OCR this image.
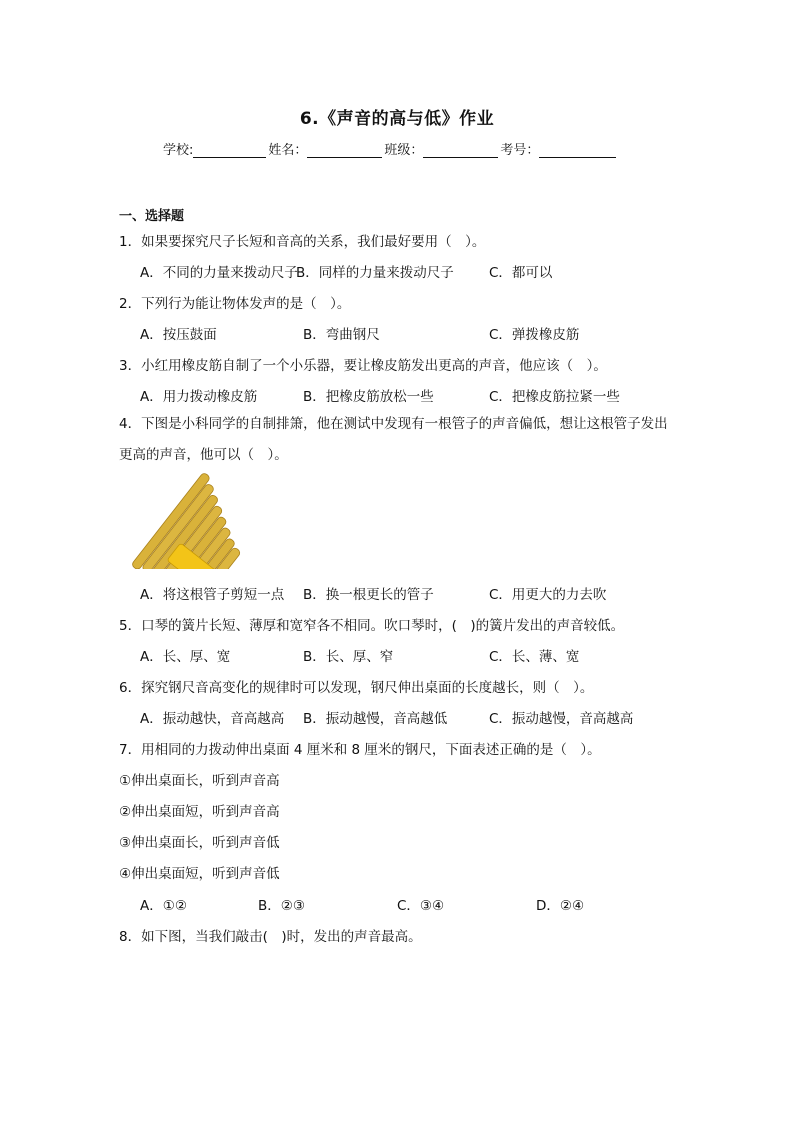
6.《声音的高与低》作业
学校:	姓名：	班级：	考号：
一、选择题
1．如果要探究尺子长短和音高的关系，我们最好要用（　）。
A．不同的力量来拨动尺子
B．同样的力量来拨动尺子	C．都可以
2．下列行为能让物体发声的是（　）。
A．按压鼓面	B．弯曲钢尺	C．弹拨橡皮筋
3．小红用橡皮筋自制了一个小乐器，要让橡皮筋发出更高的声音，他应该（　）。
A．用力拨动橡皮筋	B．把橡皮筋放松一些	C．把橡皮筋拉紧一些
4．下图是小科同学的自制排箫，他在测试中发现有一根管子的声音偏低，想让这根管子发出更高的声音，他可以（　）。
A．将这根管子剪短一点 B．换一根更长的管子	C．用更大的力去吹
5．口琴的簧片长短、薄厚和宽窄各不相同。吹口琴时，(　)的簧片发出的声音较低。
A．长、厚、宽	B．长、厚、窄	C．长、薄、宽
6．探究钢尺音高变化的规律时可以发现，钢尺伸出桌面的长度越长，则（　）。
A．振动越快，音高越高 B．振动越慢，音高越低	C．振动越慢，音高越高
7．用相同的力拨动伸出桌面 4 厘米和 8 厘米的钢尺，下面表述正确的是（　）。
①伸出桌面长，听到声音高
②伸出桌面短，听到声音高
③伸出桌面长，听到声音低
④伸出桌面短，听到声音低
A．①②	B．②③	C．③④	D．②④
8．如下图，当我们敲击(　)时，发出的声音最高。
